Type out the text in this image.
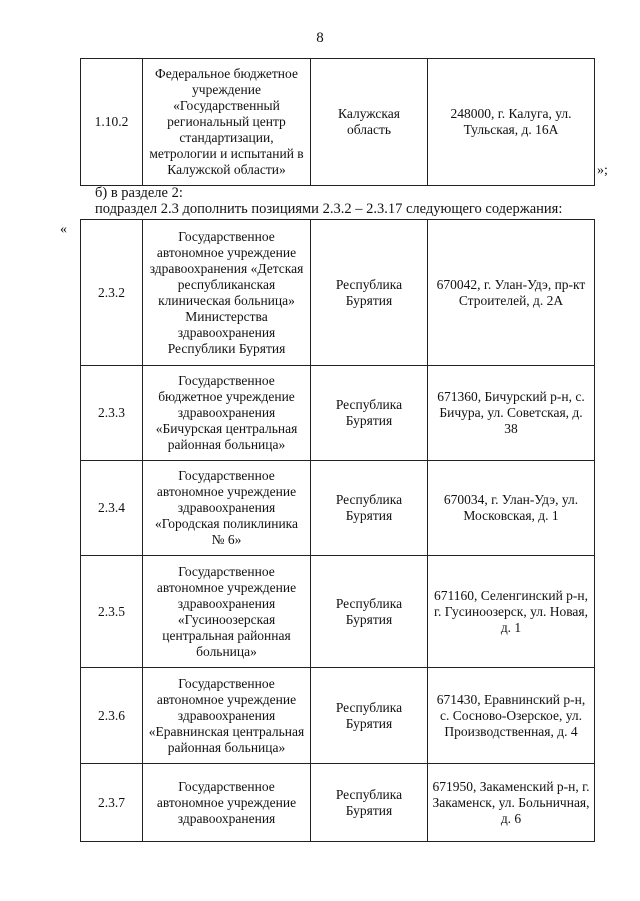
8
1.10.2	Федеральное бюджетное учреждение «Государственный региональный центр стандартизации, метрологии и испытаний в Калужской области»	Калужская область	248000, г. Калуга, ул. Тульская, д. 16А
»;
б) в разделе 2:
подраздел 2.3 дополнить позициями 2.3.2 – 2.3.17 следующего содержания:
«
2.3.2	Государственное автономное учреждение здравоохранения «Детская республиканская клиническая больница» Министерства здравоохранения Республики Бурятия	Республика Бурятия	670042, г. Улан-Удэ, пр-кт Строителей, д. 2А
2.3.3	Государственное бюджетное учреждение здравоохранения «Бичурская центральная районная больница»	Республика Бурятия	671360, Бичурский р-н, с. Бичура, ул. Советская, д. 38
2.3.4	Государственное автономное учреждение здравоохранения «Городская поликлиника № 6»	Республика Бурятия	670034, г. Улан-Удэ, ул. Московская, д. 1
2.3.5	Государственное автономное учреждение здравоохранения «Гусиноозерская центральная районная больница»	Республика Бурятия	671160, Селенгинский р-н, г. Гусиноозерск, ул. Новая, д. 1
2.3.6	Государственное автономное учреждение здравоохранения «Еравнинская центральная районная больница»	Республика Бурятия	671430, Еравнинский р-н, с. Сосново-Озерское, ул. Производственная, д. 4
2.3.7	Государственное автономное учреждение здравоохранения	Республика Бурятия	671950, Закаменский р-н, г. Закаменск, ул. Больничная, д. 6
